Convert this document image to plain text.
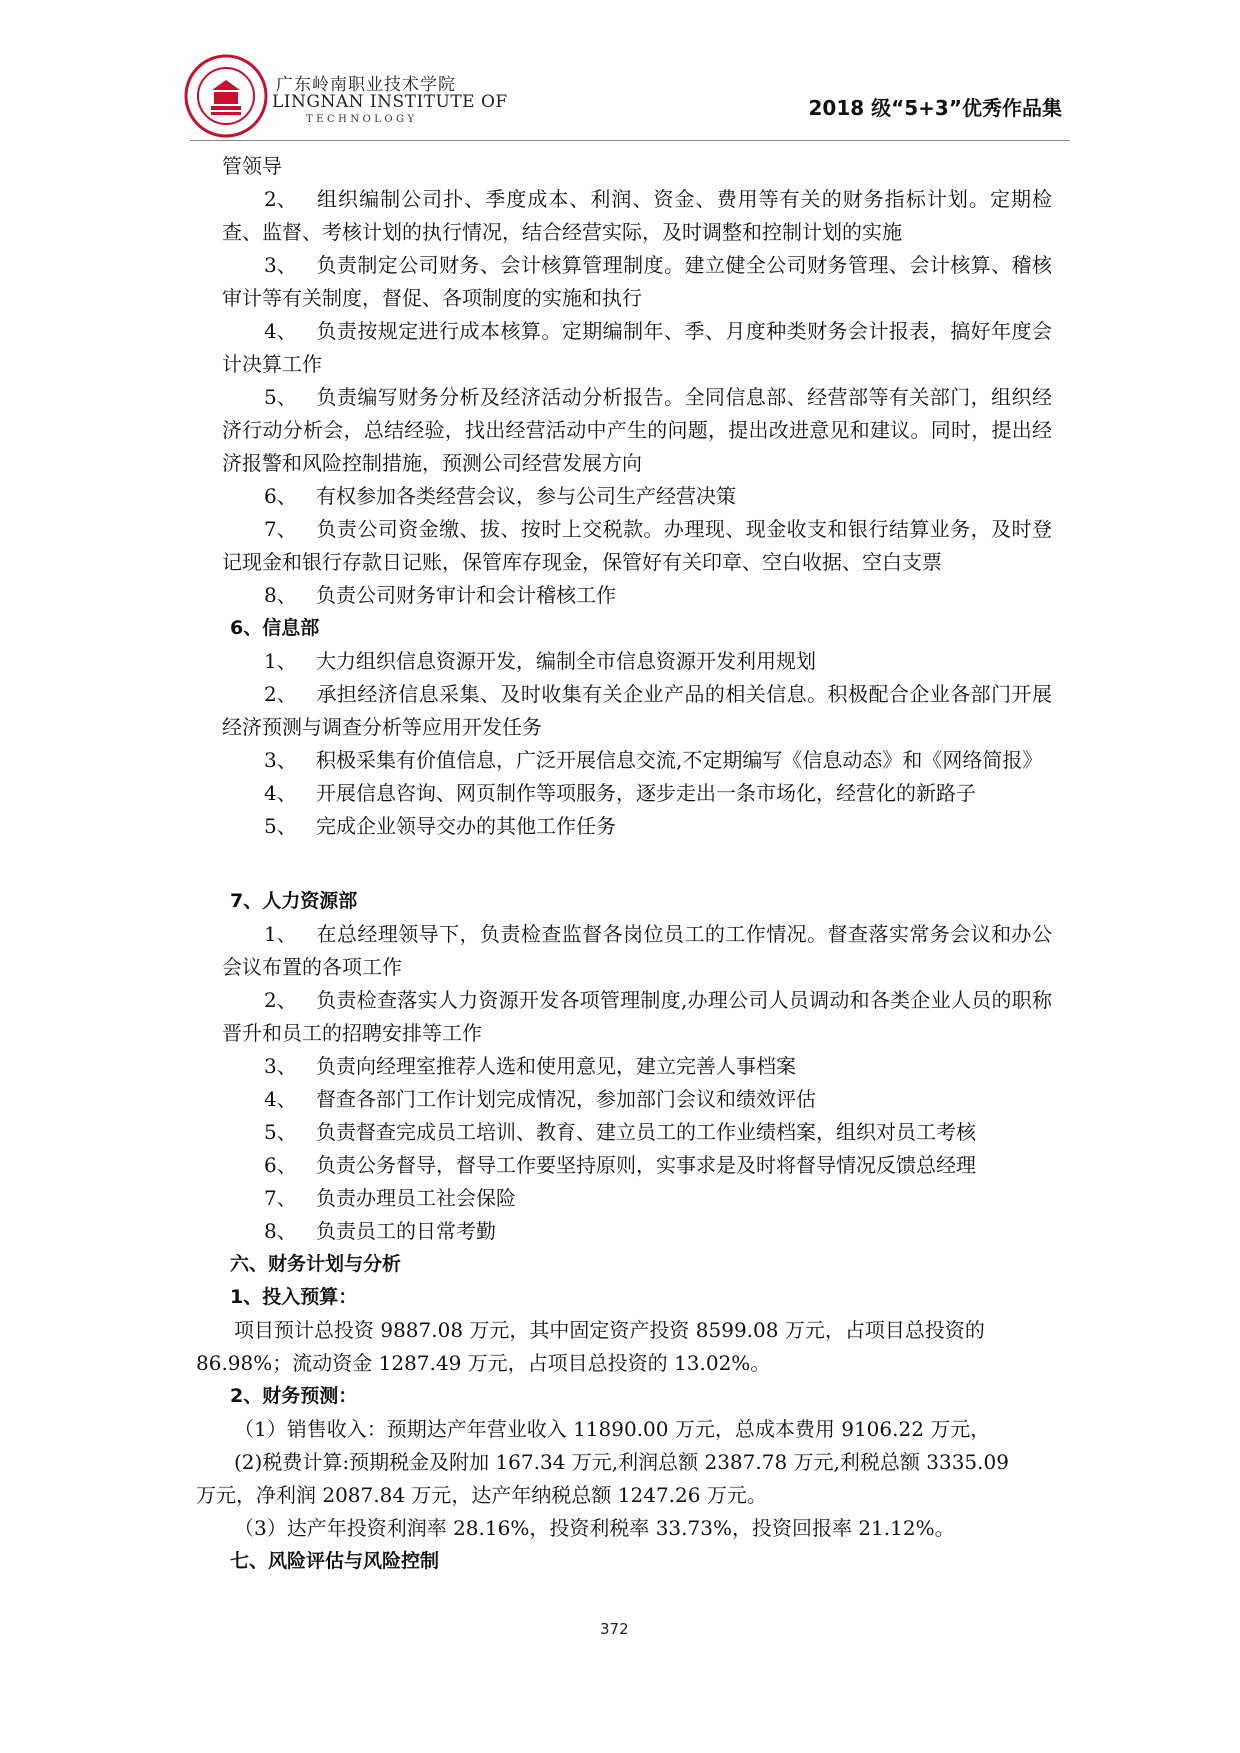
广东岭南职业技术学院
LINGNAN INSTITUTE OF
TECHNOLOGY	2018 级“5+3”优秀作品集
管领导
2 、 组织编制公司扑、季度成本、利润、资金、费用等有关的财务指标计划。定期检查、监督、考核计划的执行情况，结合经营实际，及时调整和控制计划的实施
3 、 负责制定公司财务、会计核算管理制度。建立健全公司财务管理、会计核算、稽核审计等有关制度，督促、各项制度的实施和执行
4 、 负责按规定进行成本核算。定期编制年、季、月度种类财务会计报表，搞好年度会计决算工作
5 、 负责编写财务分析及经济活动分析报告。全同信息部、经营部等有关部门，组织经济行动分析会，总结经验，找出经营活动中产生的问题，提出改进意见和建议。同时，提出经济报警和风险控制措施，预测公司经营发展方向
6 、 有权参加各类经营会议，参与公司生产经营决策
7 、 负责公司资金缴、拔、按时上交税款。办理现、现金收支和银行结算业务，及时登记现金和银行存款日记账，保管库存现金，保管好有关印章、空白收据、空白支票
8 、 负责公司财务审计和会计稽核工作
6、信息部
1 、 大力组织信息资源开发，编制全市信息资源开发利用规划
2 、 承担经济信息采集、及时收集有关企业产品的相关信息。积极配合企业各部门开展经济预测与调查分析等应用开发任务
3 、 积极采集有价值信息，广泛开展信息交流,不定期编写《信息动态》和《网络简报》
4 、 开展信息咨询、网页制作等项服务，逐步走出一条市场化，经营化的新路子
5 、 完成企业领导交办的其他工作任务
7、人力资源部
1 、 在总经理领导下，负责检查监督各岗位员工的工作情况。督查落实常务会议和办公会议布置的各项工作
2 、 负责检查落实人力资源开发各项管理制度,办理公司人员调动和各类企业人员的职称晋升和员工的招聘安排等工作
3 、 负责向经理室推荐人选和使用意见，建立完善人事档案
4 、 督查各部门工作计划完成情况，参加部门会议和绩效评估
5 、 负责督查完成员工培训、教育、建立员工的工作业绩档案，组织对员工考核
6 、 负责公务督导，督导工作要坚持原则，实事求是及时将督导情况反馈总经理
7 、 负责办理员工社会保险
8 、 负责员工的日常考勤
六、财务计划与分析
1、投入预算：
项目预计总投资 9887.08 万元，其中固定资产投资 8599.08 万元，占项目总投资的
86.98%；流动资金 1287.49 万元，占项目总投资的 13.02%。
2、财务预测：
（1）销售收入：预期达产年营业收入 11890.00 万元，总成本费用 9106.22 万元，
(2)税费计算:预期税金及附加 167.34 万元,利润总额 2387.78 万元,利税总额 3335.09
万元，净利润 2087.84 万元，达产年纳税总额 1247.26 万元。
（3）达产年投资利润率 28.16%，投资利税率 33.73%，投资回报率 21.12%。
七、风险评估与风险控制
372
